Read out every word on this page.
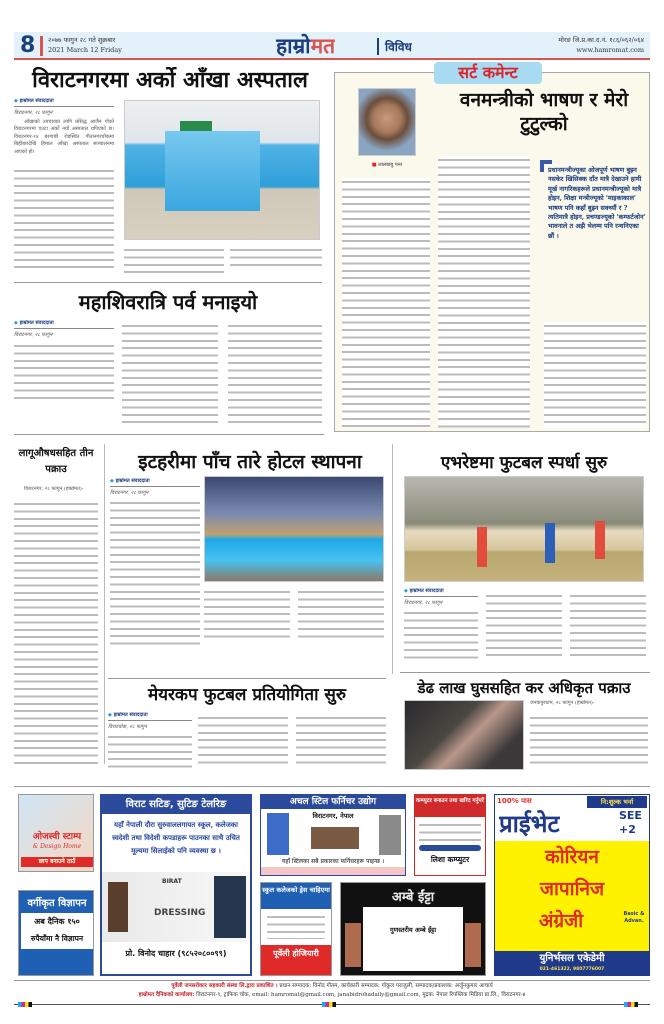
8 २०७७ फागुन २८ गते शुक्रबार
2021 March 12 Friday	हाम्रोमत	विविध	मोरङ जि.प्र.का.द.नं. १८६/०६२/०६४
www.hamromat.com
विराटनगरमा अर्को आँखा अस्पताल
◆ हाम्रोमत संवाददाता
विराटनगर, २८ फागुन
आँखाको उपचारका लागि प्रसिद्ध आजैन गोको विराटनगरमा एउटा अर्को नयाँ अस्पताल थपिएको छ। विराटनगर-१४ बरगाछी रोडस्थित गीतानगरचोकमा बिहीबारदेखि हिमाल आँखा अस्पताल सञ्चालनमा आएको हो।
महाशिवरात्रि पर्व मनाइयो
◆ हाम्रोमत संवाददाता
विराटनगर, २८ फागुन
सर्ट कमेन्ट
वनमन्त्रीको भाषण र मेरो टुटुल्को
■ लालबाबु पन्त
प्रधानमन्त्रीज्यूका ओजपूर्ण भाषण बुझ्न नसकेर खिसिक्क दाँत मात्रै देखाउने हामी मूर्ख नागरिकहरूले प्रधानमन्त्रीज्यूको मात्रै होइन, शिक्षा मन्त्रीज्यूको 'माइकाकाल' भाषण पनि कहाँ बुझ्न सक्थ्यौं र ? त्यतिमात्रै होइन, प्रचण्डज्यूको 'कम्फर्टजोन' भावनाले त अझै भेलम्म पनि रन्थनिएका छौं ।
लागूऔषधसहित तीन पक्राउ
विराटनगर, २८ फागुन (हाम्रोमत)-
इटहरीमा पाँच तारे होटल स्थापना
◆ हाम्रोमत संवाददाता
विराटनगर, २८ फागुन
एभरेष्टमा फुटबल स्पर्धा सुरु
◆ हाम्रोमत संवाददाता
विराटनगर, २८ फागुन
मेयरकप फुटबल प्रतियोगिता सुरु
◆ हाम्रोमत संवाददाता
विराटचोक, २८ फागुन
डेढ लाख घुससहित कर अधिकृत पक्राउ
जनकपुरधाम, २८ फागुन (हाम्रोमत)-
ओजस्वी स्टाम्प
& Design Home
छाप बनाउने ठाउँ
वर्गीकृत विज्ञापन
अब दैनिक १५०
रुपैयाँमा नै विज्ञापन
विराट सटिङ, सुटिङ टेलरिङ
यहाँ नेपाली दौरा सुरुवाललगायत स्कूल, कलेजका स्वदेशी तथा विदेशी कपडाहरू पाउनका साथै उचित मूल्यमा सिलाईको पनि व्यवस्था छ ।
BIRAT
DRESSING
प्रो. विनोद चाहार (९८५२०८००९९)
अचल स्टिल फर्निचर उद्योग
विराटनगर, नेपाल
यहाँ स्टिलका सबै प्रकारका फर्निचरहरू पाइन्छ ।
कम्प्युटर बनाउन तथा खरिद गर्नुपर्रे
लिशा कम्प्युटर
स्कुल कलेजको ड्रेस चाहिएमा
पूर्वेली होजियारी
अम्बे ईंट्टा
गुणस्तरीय अम्बे ईंट्टा
100% पास	नि:शुल्क भर्ना
प्राईभेट	SEE
+2
कोरियन
जापानिज
अंग्रेजी	Basic & Advan.
युनिर्भसल एकेडेमी
021-461322, 9807776007
पूर्वेली जनसरोकार सहकारी संस्था लि.द्वारा प्रकाशित । प्रधान सम्पादक: विनोद गौतम, कार्यकारी सम्पादक: गोकुल पराजुली, सम्पादक/प्रकाशक: अर्जुनकुमार आचार्य
हाम्रोमत दैनिकको कार्यालय: विराटनगर-९, ट्राफिक चोक, email: hamromat@gmail.com, janabidrohadaily@gmail.com, मुद्रक: नेपाल रिपब्लिक मिडिया प्रा.लि., विराटनगर-४
